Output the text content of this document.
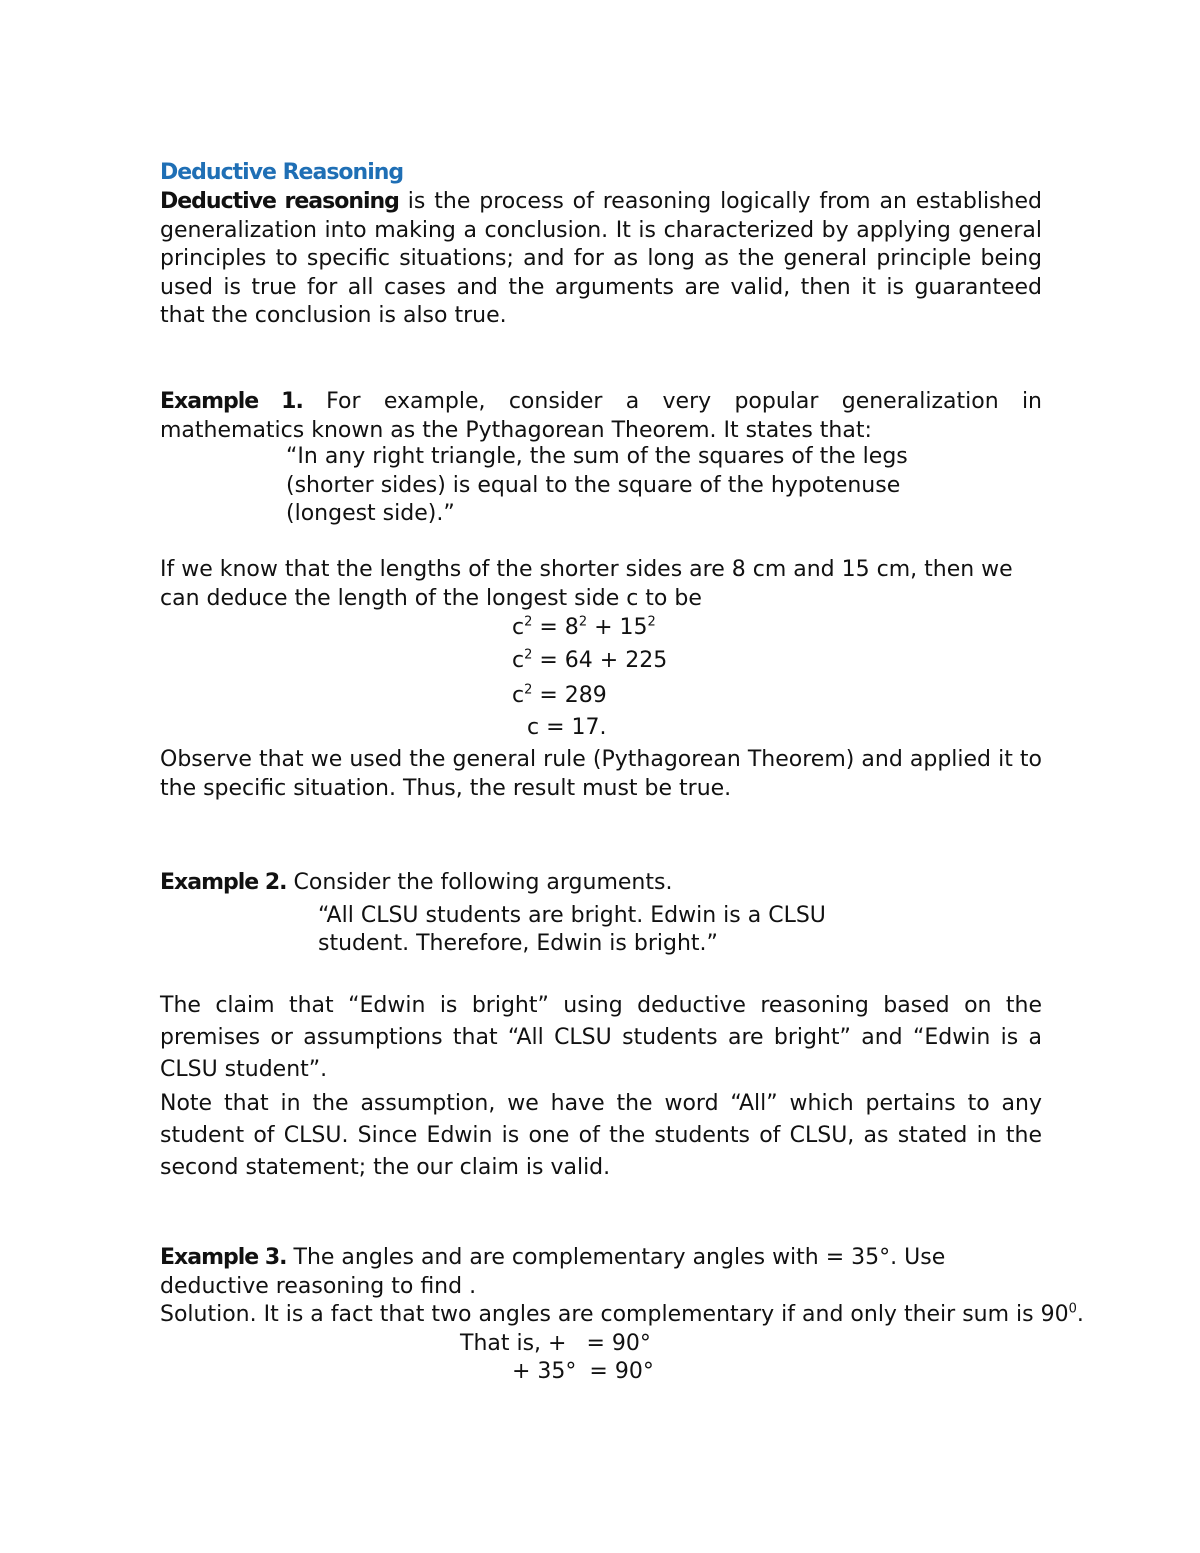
Deductive Reasoning
Deductive reasoning is the process of reasoning logically from an established generalization into making a conclusion. It is characterized by applying general principles to specific situations; and for as long as the general principle being used is true for all cases and the arguments are valid, then it is guaranteed that the conclusion is also true.
Example 1. For example, consider a very popular generalization in mathematics known as the Pythagorean Theorem. It states that:
“In any right triangle, the sum of the squares of the legs (shorter sides) is equal to the square of the hypotenuse (longest side).”
If we know that the lengths of the shorter sides are 8 cm and 15 cm, then we can deduce the length of the longest side c to be
$c^2 = 8^2 + 15^2$
$c^2 = 64 + 225$
$c^2 = 289$
c = 17.
Observe that we used the general rule (Pythagorean Theorem) and applied it to the specific situation. Thus, the result must be true.
Example 2. Consider the following arguments.
“All CLSU students are bright. Edwin is a CLSU
student. Therefore, Edwin is bright.”
The claim that “Edwin is bright” using deductive reasoning based on the premises or assumptions that “All CLSU students are bright” and “Edwin is a CLSU student”.
Note that in the assumption, we have the word “All” which pertains to any student of CLSU. Since Edwin is one of the students of CLSU, as stated in the second statement; the our claim is valid.
Example 3. The angles and are complementary angles with = 35°. Use deductive reasoning to find .
Solution. It is a fact that two angles are complementary if and only their sum is $90^0$.
That is, +  = 90°
+ 35° = 90°
